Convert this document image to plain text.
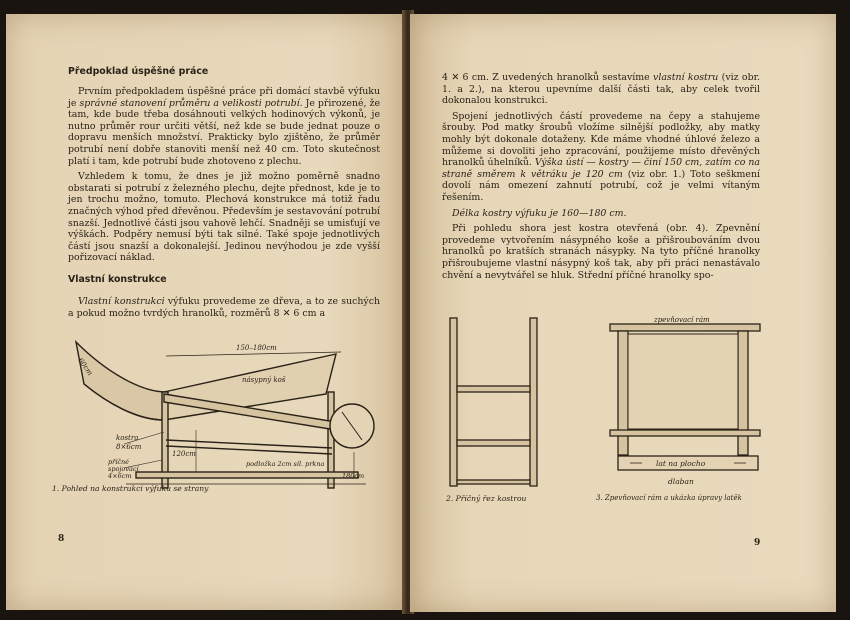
Předpoklad úspěšné práce

Prvním předpokladem úspěšné práce při domácí stavbě výfuku je správné stanovení průměru a velikosti potrubí. Je přirozené, že tam, kde bude třeba dosáhnouti velkých hodinových výkonů, je nutno průměr rour určiti větší, než kde se bude jednat pouze o dopravu menších množství. Prakticky bylo zjištěno, že průměr potrubí není dobře stanoviti menší než 40 cm. Toto skutečnost platí i tam, kde potrubí bude zhotoveno z plechu.

Vzhledem k tomu, že dnes je již možno poměrně snadno obstarati si potrubí z železného plechu, dejte přednost, kde je to jen trochu možno, tomuto. Plechová konstrukce má totiž řadu značných výhod před dřevěnou. Především je sestavování potrubí snazší. Jednotlivé části jsou vahově lehčí. Snadněji se umisťují ve výškách. Podpěry nemusí býti tak silné. Také spoje jednotlivých částí jsou snazší a dokonalejší. Jedinou nevýhodou je zde vyšší pořizovací náklad.

Vlastní konstrukce

Vlastní konstrukci výfuku provedeme ze dřeva, a to ze suchých a pokud možno tvrdých hranolků, rozměrů 8 ✕ 6 cm a

150–180cm
60cm
násypný koš
kostra
8×6cm
příčné
spojovací
4×6cm
120cm
podložka 2cm síl. prkna
180cm
1. Pohled na konstrukci výfuku se strany
8

4 ✕ 6 cm. Z uvedených hranolků sestavíme vlastní kostru (viz obr. 1. a 2.), na kterou upevníme další části tak, aby celek tvořil dokonalou konstrukci.

Spojení jednotlivých částí provedeme na čepy a stahujeme šrouby. Pod matky šroubů vložíme silnější podložky, aby matky mohly být dokonale dotaženy. Kde máme vhodné úhlové železo a můžeme si dovoliti jeho zpracování, použijeme místo dřevěných hranolků úhelníků. Výška ústí — kostry — činí 150 cm, zatím co na straně směrem k větráku je 120 cm (viz obr. 1.) Toto seškmení dovolí nám omezení zahnutí potrubí, což je velmi vítaným řešením.

Délka kostry výfuku je 160—180 cm.

Při pohledu shora jest kostra otevřená (obr. 4). Zpevnění provedeme vytvořením násypného koše a přišroubováním dvou hranolků po kratších stranách násypky. Na tyto příčné hranolky přišroubujeme vlastní násypný koš tak, aby při práci nenastávalo chvění a nevytvářel se hluk. Střední příčné hranolky spo-

zpevňovací rám
lat na plocho
dlaban
2. Příčný řez kostrou	3. Zpevňovací rám a ukázka úpravy latěk
9
